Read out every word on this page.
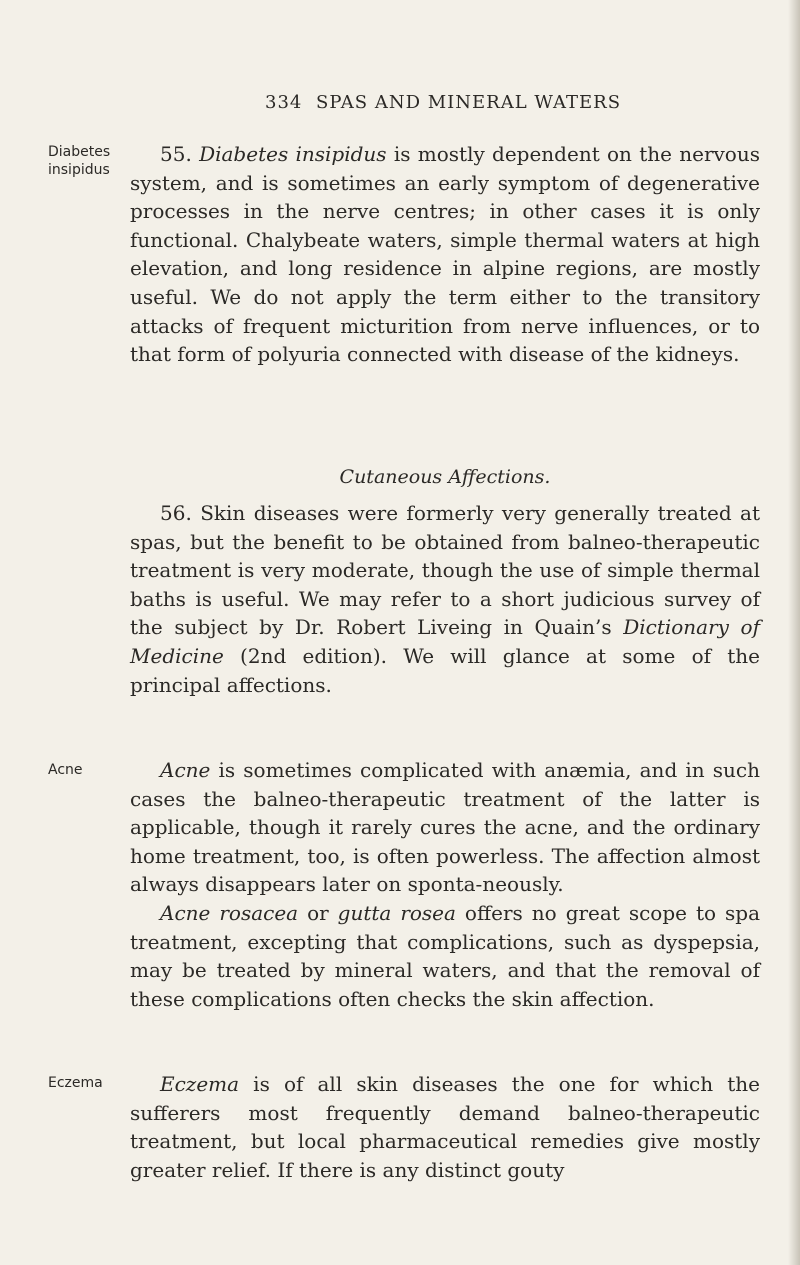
334 SPAS AND MINERAL WATERS
Diabetes
insipidus

55. Diabetes insipidus is mostly dependent on the nervous system, and is sometimes an early symptom of degenerative processes in the nerve centres; in other cases it is only functional. Chalybeate waters, simple thermal waters at high elevation, and long residence in alpine regions, are mostly useful. We do not apply the term either to the transitory attacks of frequent micturition from nerve influences, or to that form of polyuria connected with disease of the kidneys.

Cutaneous Affections.

56. Skin diseases were formerly very generally treated at spas, but the benefit to be obtained from balneo-therapeutic treatment is very moderate, though the use of simple thermal baths is useful. We may refer to a short judicious survey of the subject by Dr. Robert Liveing in Quain’s Dictionary of Medicine (2nd edition). We will glance at some of the principal affections.

Acne	Acne is sometimes complicated with anæmia, and in such cases the balneo-therapeutic treatment of the latter is applicable, though it rarely cures the acne, and the ordinary home treatment, too, is often powerless. The affection almost always disappears later on sponta-neously.

Acne rosacea or gutta rosea offers no great scope to spa treatment, excepting that complications, such as dyspepsia, may be treated by mineral waters, and that the removal of these complications often checks the skin affection.

Eczema	Eczema is of all skin diseases the one for which the sufferers most frequently demand balneo-therapeutic treatment, but local pharmaceutical remedies give mostly greater relief. If there is any distinct gouty
